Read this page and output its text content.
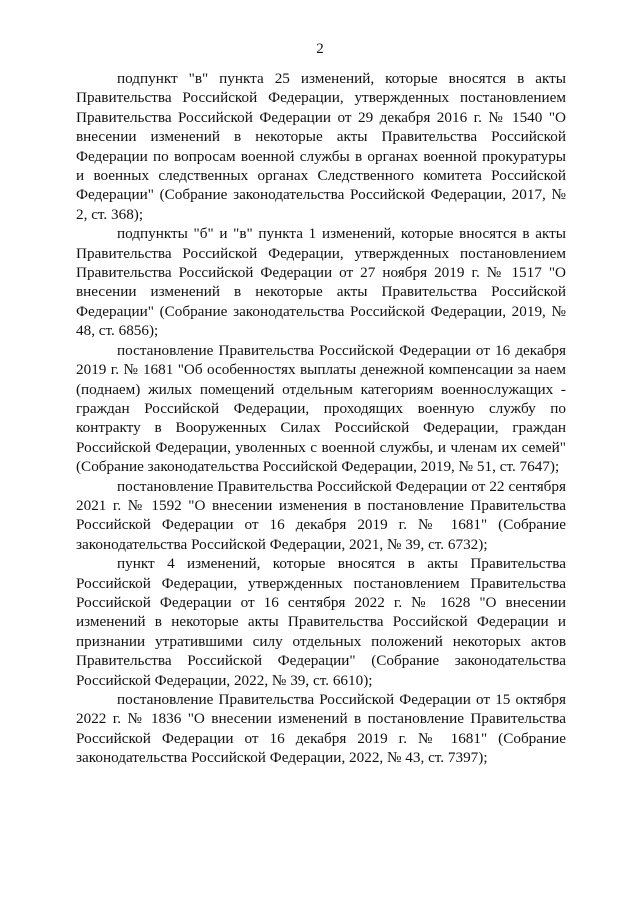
2

подпункт "в" пункта 25 изменений, которые вносятся в акты Правительства Российской Федерации, утвержденных постановлением Правительства Российской Федерации от 29 декабря 2016 г. № 1540 "О внесении изменений в некоторые акты Правительства Российской Федерации по вопросам военной службы в органах военной прокуратуры и военных следственных органах Следственного комитета Российской Федерации" (Собрание законодательства Российской Федерации, 2017, № 2, ст. 368);

подпункты "б" и "в" пункта 1 изменений, которые вносятся в акты Правительства Российской Федерации, утвержденных постановлением Правительства Российской Федерации от 27 ноября 2019 г. № 1517 "О внесении изменений в некоторые акты Правительства Российской Федерации" (Собрание законодательства Российской Федерации, 2019, № 48, ст. 6856);

постановление Правительства Российской Федерации от 16 декабря 2019 г. № 1681 "Об особенностях выплаты денежной компенсации за наем (поднаем) жилых помещений отдельным категориям военнослужащих - граждан Российской Федерации, проходящих военную службу по контракту в Вооруженных Силах Российской Федерации, граждан Российской Федерации, уволенных с военной службы, и членам их семей" (Собрание законодательства Российской Федерации, 2019, № 51, ст. 7647);

постановление Правительства Российской Федерации от 22 сентября 2021 г. № 1592 "О внесении изменения в постановление Правительства Российской Федерации от 16 декабря 2019 г. № 1681" (Собрание законодательства Российской Федерации, 2021, № 39, ст. 6732);

пункт 4 изменений, которые вносятся в акты Правительства Российской Федерации, утвержденных постановлением Правительства Российской Федерации от 16 сентября 2022 г. № 1628 "О внесении изменений в некоторые акты Правительства Российской Федерации и признании утратившими силу отдельных положений некоторых актов Правительства Российской Федерации" (Собрание законодательства Российской Федерации, 2022, № 39, ст. 6610);

постановление Правительства Российской Федерации от 15 октября 2022 г. № 1836 "О внесении изменений в постановление Правительства Российской Федерации от 16 декабря 2019 г. № 1681" (Собрание законодательства Российской Федерации, 2022, № 43, ст. 7397);
